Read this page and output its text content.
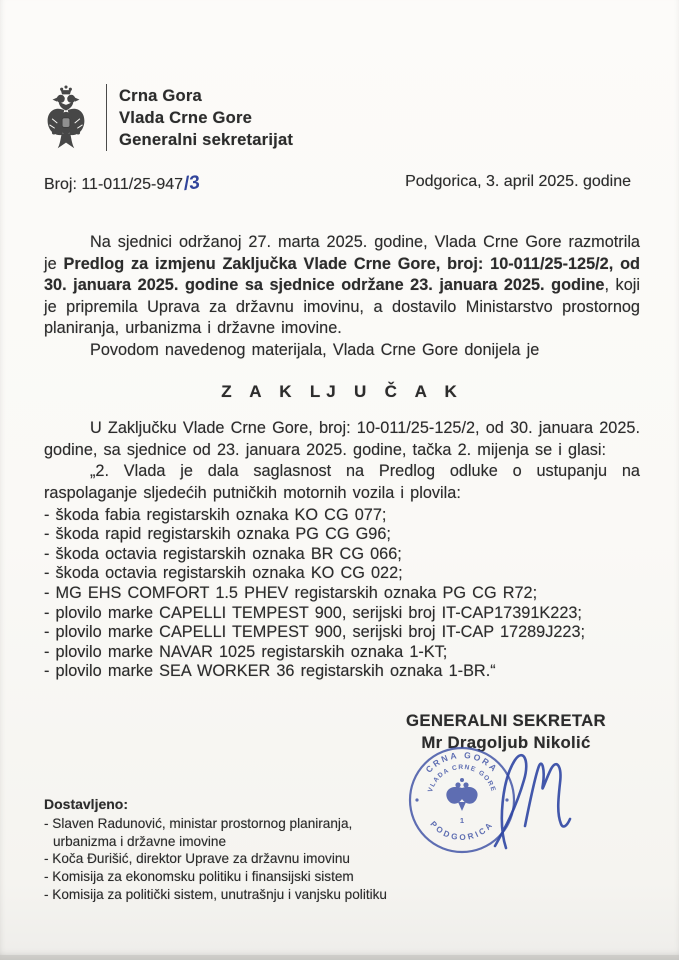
Crna Gora
Vlada Crne Gore
Generalni sekretarijat
Broj: 11-011/25-947/3	Podgorica, 3. april 2025. godine

Na sjednici održanoj 27. marta 2025. godine, Vlada Crne Gore razmotrila je Predlog za izmjenu Zaključka Vlade Crne Gore, broj: 10-011/25-125/2, od 30. januara 2025. godine sa sjednice održane 23. januara 2025. godine, koji je pripremila Uprava za državnu imovinu, a dostavilo Ministarstvo prostornog planiranja, urbanizma i državne imovine.

Povodom navedenog materijala, Vlada Crne Gore donijela je

Z A K LJ U Č A K

U Zaključku Vlade Crne Gore, broj: 10-011/25-125/2, od 30. januara 2025. godine, sa sjednice od 23. januara 2025. godine, tačka 2. mijenja se i glasi:

„2. Vlada je dala saglasnost na Predlog odluke o ustupanju na raspolaganje sljedećih putničkih motornih vozila i plovila:

- škoda fabia registarskih oznaka KO CG 077;
- škoda rapid registarskih oznaka PG CG G96;
- škoda octavia registarskih oznaka BR CG 066;
- škoda octavia registarskih oznaka KO CG 022;
- MG EHS COMFORT 1.5 PHEV registarskih oznaka PG CG R72;
- plovilo marke CAPELLI TEMPEST 900, serijski broj IT-CAP17391K223;
- plovilo marke CAPELLI TEMPEST 900, serijski broj IT-CAP 17289J223;
- plovilo marke NAVAR 1025 registarskih oznaka 1-KT;
- plovilo marke SEA WORKER 36 registarskih oznaka 1-BR.“
GENERALNI SEKRETAR
Mr Dragoljub Nikolić
CRNA GORA
VLADA CRNE GORE
PODGORICA
1
Dostavljeno:
- Slaven Radunović, ministar prostornog planiranja,
urbanizma i državne imovine
- Koča Đurišić, direktor Uprave za državnu imovinu
- Komisija za ekonomsku politiku i finansijski sistem
- Komisija za politički sistem, unutrašnju i vanjsku politiku
